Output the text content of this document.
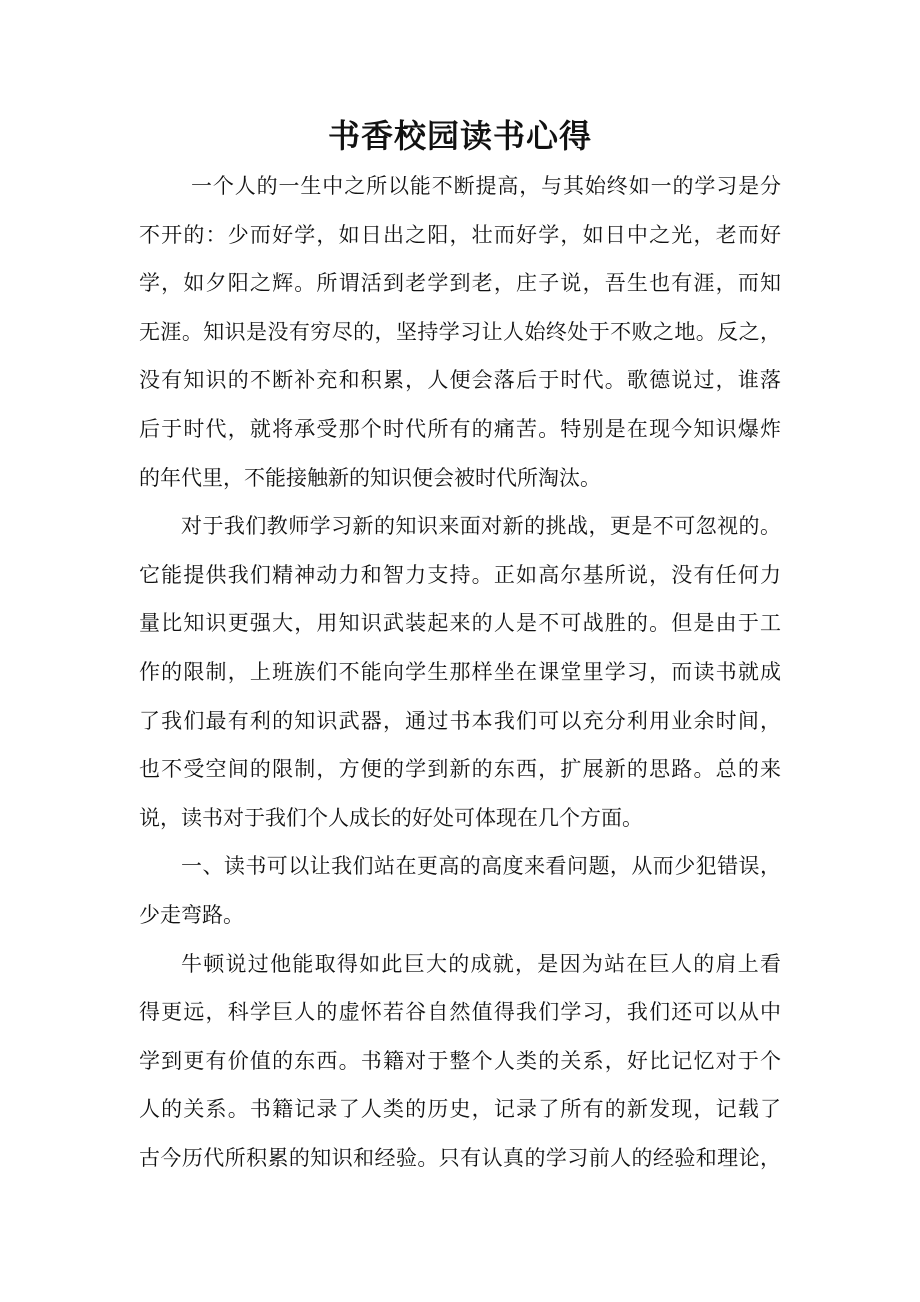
书香校园读书心得

一个人的一生中之所以能不断提高，与其始终如一的学习是分
不开的：少而好学，如日出之阳，壮而好学，如日中之光，老而好
学，如夕阳之辉。所谓活到老学到老，庄子说，吾生也有涯，而知
无涯。知识是没有穷尽的，坚持学习让人始终处于不败之地。反之，
没有知识的不断补充和积累，人便会落后于时代。歌德说过，谁落
后于时代，就将承受那个时代所有的痛苦。特别是在现今知识爆炸
的年代里，不能接触新的知识便会被时代所淘汰。

对于我们教师学习新的知识来面对新的挑战，更是不可忽视的。
它能提供我们精神动力和智力支持。正如高尔基所说，没有任何力
量比知识更强大，用知识武装起来的人是不可战胜的。但是由于工
作的限制，上班族们不能向学生那样坐在课堂里学习，而读书就成
了我们最有利的知识武器，通过书本我们可以充分利用业余时间，
也不受空间的限制，方便的学到新的东西，扩展新的思路。总的来
说，读书对于我们个人成长的好处可体现在几个方面。

一、读书可以让我们站在更高的高度来看问题，从而少犯错误，
少走弯路。

牛顿说过他能取得如此巨大的成就，是因为站在巨人的肩上看
得更远，科学巨人的虚怀若谷自然值得我们学习，我们还可以从中
学到更有价值的东西。书籍对于整个人类的关系，好比记忆对于个
人的关系。书籍记录了人类的历史，记录了所有的新发现，记载了
古今历代所积累的知识和经验。只有认真的学习前人的经验和理论，
